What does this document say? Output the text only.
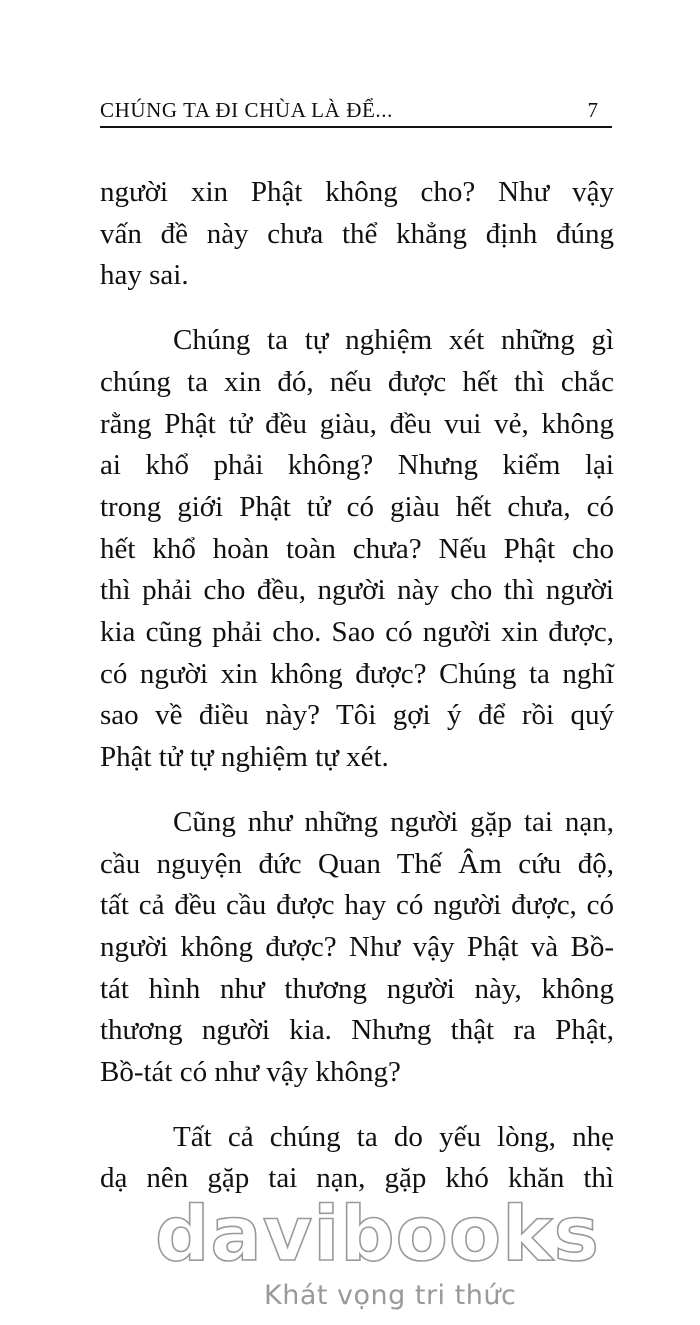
CHÚNG TA ĐI CHÙA LÀ ĐỂ...	7
người xin Phật không cho? Như vậy
vấn đề này chưa thể khẳng định đúng
hay sai.
Chúng ta tự nghiệm xét những gì
chúng ta xin đó, nếu được hết thì chắc
rằng Phật tử đều giàu, đều vui vẻ, không
ai khổ phải không? Nhưng kiểm lại
trong giới Phật tử có giàu hết chưa, có
hết khổ hoàn toàn chưa? Nếu Phật cho
thì phải cho đều, người này cho thì người
kia cũng phải cho. Sao có người xin được,
có người xin không được? Chúng ta nghĩ
sao về điều này? Tôi gợi ý để rồi quý
Phật tử tự nghiệm tự xét.
Cũng như những người gặp tai nạn,
cầu nguyện đức Quan Thế Âm cứu độ,
tất cả đều cầu được hay có người được, có
người không được? Như vậy Phật và Bồ-
tát hình như thương người này, không
thương người kia. Nhưng thật ra Phật,
Bồ-tát có như vậy không?
Tất cả chúng ta do yếu lòng, nhẹ
dạ nên gặp tai nạn, gặp khó khăn thì
davibooks
Khát vọng tri thức
